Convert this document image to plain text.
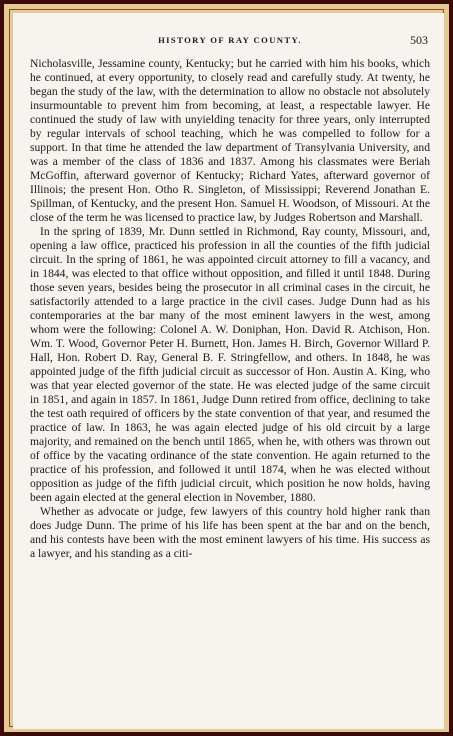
HISTORY OF RAY COUNTY.	503

Nicholasville, Jessamine county, Kentucky; but he carried with him his books, which he continued, at every opportunity, to closely read and carefully study. At twenty, he began the study of the law, with the determination to allow no obstacle not absolutely insurmountable to prevent him from becoming, at least, a respectable lawyer. He continued the study of law with unyielding tenacity for three years, only interrupted by regular intervals of school teaching, which he was compelled to follow for a support. In that time he attended the law department of Transylvania University, and was a member of the class of 1836 and 1837. Among his classmates were Beriah McGoffin, afterward governor of Kentucky; Richard Yates, afterward governor of Illinois; the present Hon. Otho R. Singleton, of Mississippi; Reverend Jonathan E. Spillman, of Kentucky, and the present Hon. Samuel H. Woodson, of Missouri. At the close of the term he was licensed to practice law, by Judges Robertson and Marshall.

In the spring of 1839, Mr. Dunn settled in Richmond, Ray county, Missouri, and, opening a law office, practiced his profession in all the counties of the fifth judicial circuit. In the spring of 1861, he was appointed circuit attorney to fill a vacancy, and in 1844, was elected to that office without opposition, and filled it until 1848. During those seven years, besides being the prosecutor in all criminal cases in the circuit, he satisfactorily attended to a large practice in the civil cases. Judge Dunn had as his contemporaries at the bar many of the most eminent lawyers in the west, among whom were the following: Colonel A. W. Doniphan, Hon. David R. Atchison, Hon. Wm. T. Wood, Governor Peter H. Burnett, Hon. James H. Birch, Governor Willard P. Hall, Hon. Robert D. Ray, General B. F. Stringfellow, and others. In 1848, he was appointed judge of the fifth judicial circuit as successor of Hon. Austin A. King, who was that year elected governor of the state. He was elected judge of the same circuit in 1851, and again in 1857. In 1861, Judge Dunn retired from office, declining to take the test oath required of officers by the state convention of that year, and resumed the practice of law. In 1863, he was again elected judge of his old circuit by a large majority, and remained on the bench until 1865, when he, with others was thrown out of office by the vacating ordinance of the state convention. He again returned to the practice of his profession, and followed it until 1874, when he was elected without opposition as judge of the fifth judicial circuit, which position he now holds, having been again elected at the general election in November, 1880.

Whether as advocate or judge, few lawyers of this country hold higher rank than does Judge Dunn. The prime of his life has been spent at the bar and on the bench, and his contests have been with the most eminent lawyers of his time. His success as a lawyer, and his standing as a citi-
